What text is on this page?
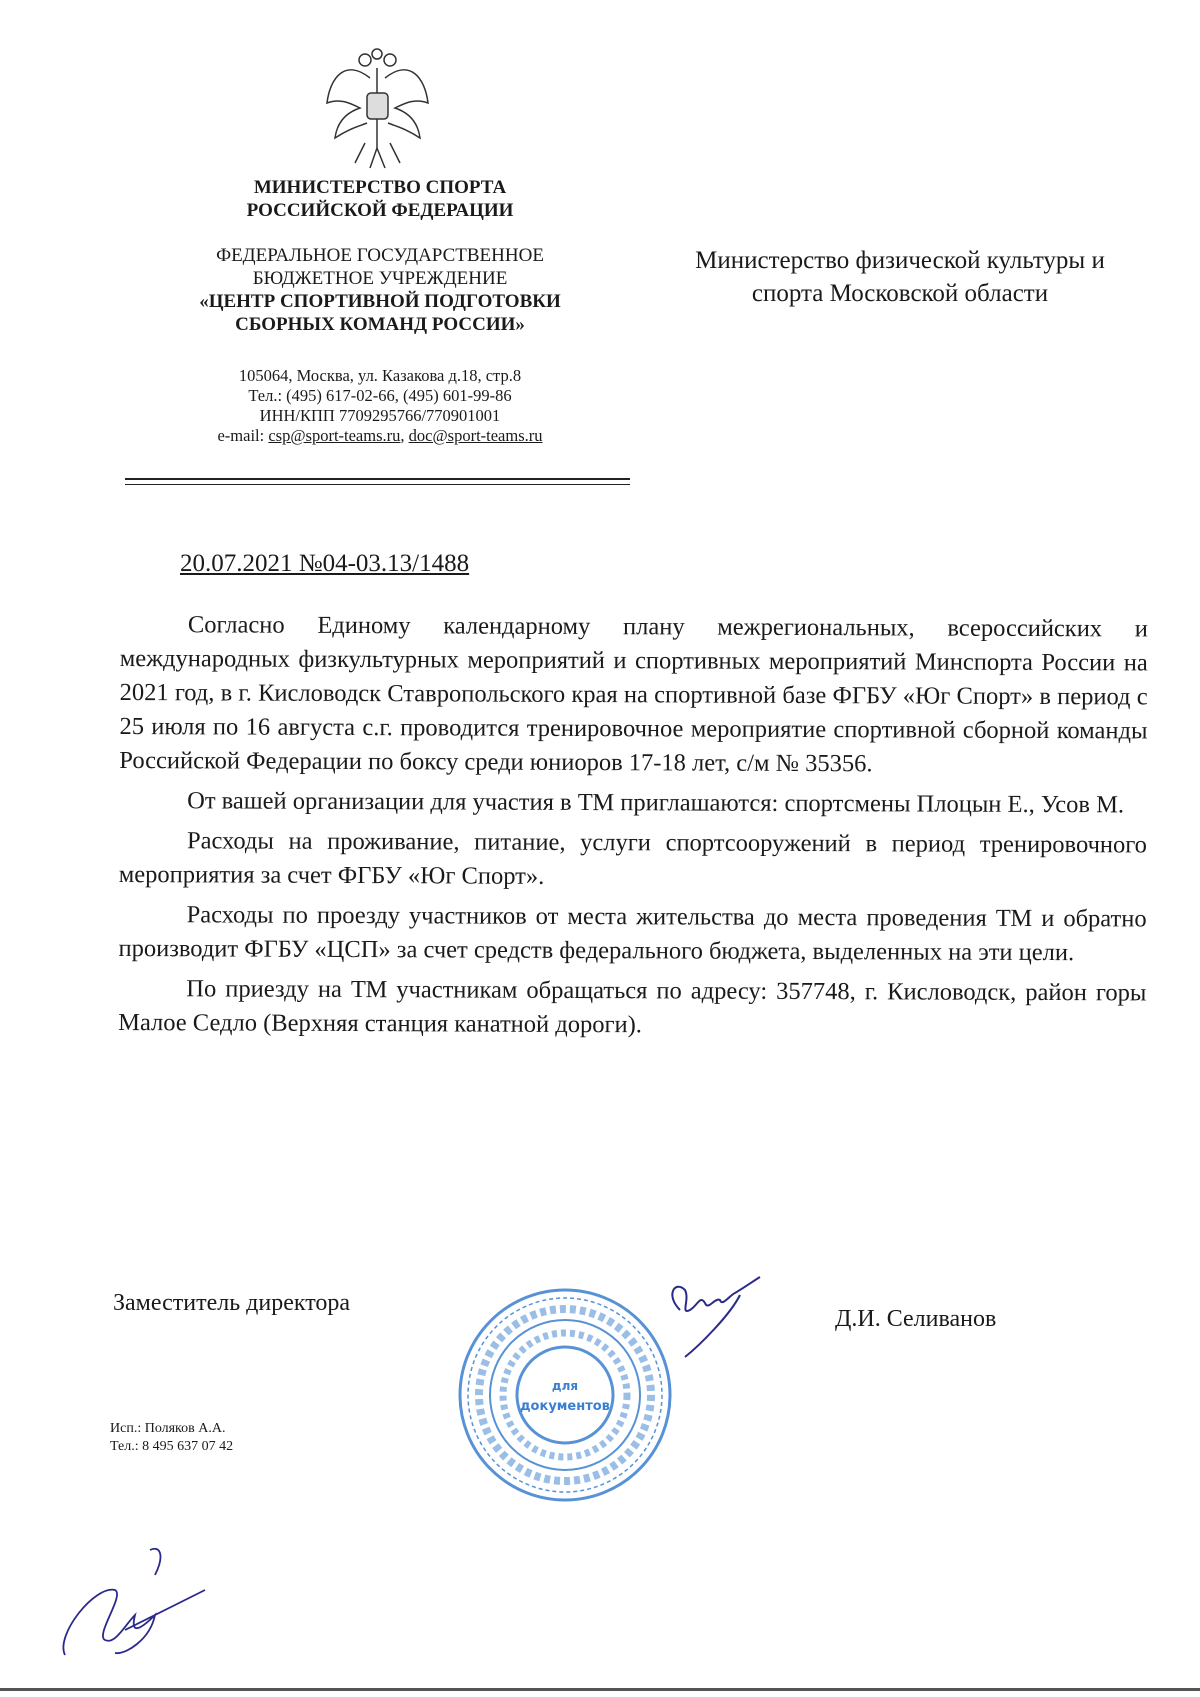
МИНИСТЕРСТВО СПОРТА
РОССИЙСКОЙ ФЕДЕРАЦИИ
ФЕДЕРАЛЬНОЕ ГОСУДАРСТВЕННОЕ
БЮДЖЕТНОЕ УЧРЕЖДЕНИЕ
«ЦЕНТР СПОРТИВНОЙ ПОДГОТОВКИ
СБОРНЫХ КОМАНД РОССИИ»
105064, Москва, ул. Казакова д.18, стр.8
Тел.: (495) 617-02-66, (495) 601-99-86
ИНН/КПП 7709295766/770901001
e-mail: csp@sport-teams.ru, doc@sport-teams.ru
Министерство физической культуры и
спорта Московской области
20.07.2021 №04-03.13/1488

Согласно Единому календарному плану межрегиональных, всероссийских и международных физкультурных мероприятий и спортивных мероприятий Минспорта России на 2021 год, в г. Кисловодск Ставропольского края на спортивной базе ФГБУ «Юг Спорт» в период с 25 июля по 16 августа с.г. проводится тренировочное мероприятие спортивной сборной команды Российской Федерации по боксу среди юниоров 17-18 лет, с/м № 35356.

От вашей организации для участия в ТМ приглашаются: спортсмены Плоцын Е., Усов М.

Расходы на проживание, питание, услуги спортсооружений в период тренировочного мероприятия за счет ФГБУ «Юг Спорт».

Расходы по проезду участников от места жительства до места проведения ТМ и обратно производит ФГБУ «ЦСП» за счет средств федерального бюджета, выделенных на эти цели.

По приезду на ТМ участникам обращаться по адресу: 357748, г. Кисловодск, район горы Малое Седло (Верхняя станция канатной дороги).

Заместитель директора
Д.И. Селиванов
для
документов
Исп.: Поляков А.А.
Тел.: 8 495 637 07 42
